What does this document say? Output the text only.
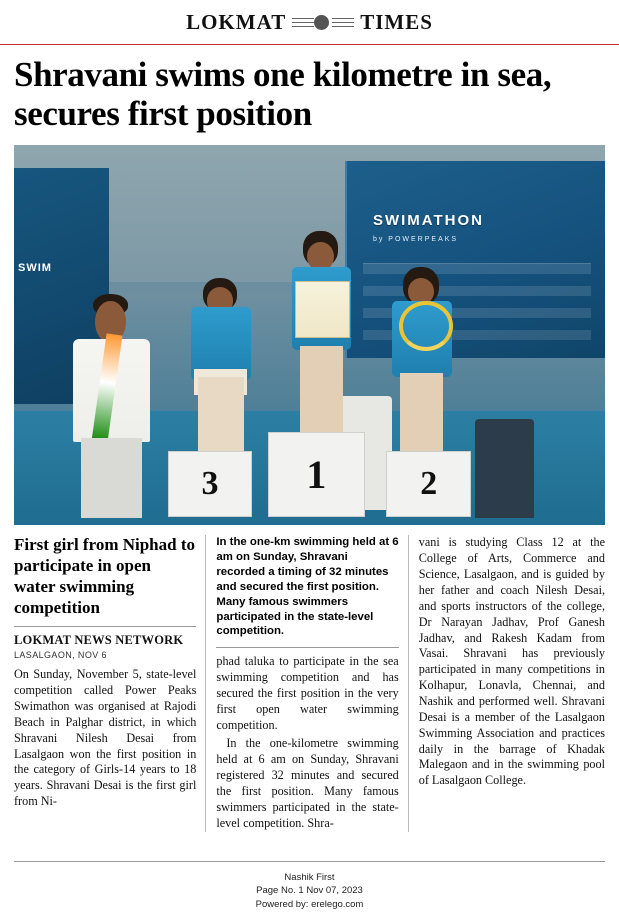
LOKMAT	TIMES
Shravani swims one kilometre in sea, secures first position
SWIM
SWIMATHON
by POWERPEAKS
3	1	2
First girl from Niphad to participate in open water swimming competition

LOKMAT NEWS NETWORK

LASALGAON, NOV 6

On Sunday, November 5, state-level competition called Power Peaks Swimathon was organised at Rajodi Beach in Palghar district, in which Shravani Nilesh Desai from Lasalgaon won the first position in the category of Girls-14 years to 18 years. Shravani Desai is the first girl from Ni-

In the one-km swimming held at 6 am on Sunday, Shravani recorded a timing of 32 minutes and secured the first position. Many famous swimmers participated in the state-level competition.

phad taluka to participate in the sea swimming competition and has secured the first position in the very first open water swimming competition.

In the one-kilometre swimming held at 6 am on Sunday, Shravani registered 32 minutes and secured the first position. Many famous swimmers participated in the state-level competition. Shra-

vani is studying Class 12 at the College of Arts, Commerce and Science, Lasalgaon, and is guided by her father and coach Nilesh Desai, and sports instructors of the college, Dr Narayan Jadhav, Prof Ganesh Jadhav, and Rakesh Kadam from Vasai. Shravani has previously participated in many competitions in Kolhapur, Lonavla, Chennai, and Nashik and performed well. Shravani Desai is a member of the Lasalgaon Swimming Association and practices daily in the barrage of Khadak Malegaon and in the swimming pool of Lasalgaon College.

Nashik First
Page No. 1 Nov 07, 2023
Powered by: erelego.com
